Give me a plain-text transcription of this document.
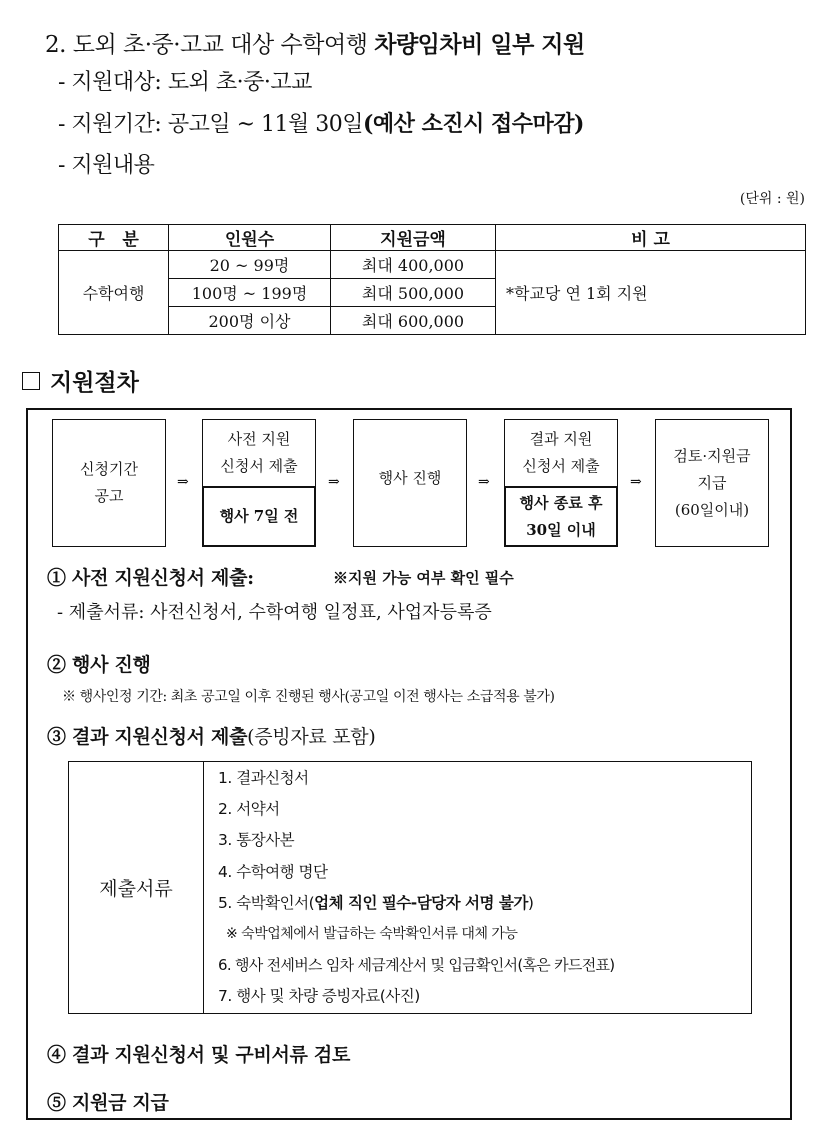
2. 도외 초·중·고교 대상 수학여행 차량임차비 일부 지원
- 지원대상: 도외 초·중·고교
- 지원기간: 공고일 ~ 11월 30일(예산 소진시 접수마감)
- 지원내용
(단위 : 원)
구   분	인원수	지원금액	비 고
수학여행	20 ~ 99명	최대 400,000	*학교당 연 1회 지원
	100명 ~ 199명	최대 500,000	
	200명 이상	최대 600,000	
지원절차
신청기간
공고
⇒
사전 지원
신청서 제출
행사 7일 전
⇒	행사 진행	⇒
결과 지원
신청서 제출
행사 종료 후
30일 이내
⇒
검토·지원금
지급
(60일이내)
① 사전 지원신청서 제출:	※지원 가능 여부 확인 필수
- 제출서류: 사전신청서, 수학여행 일정표, 사업자등록증
② 행사 진행
※ 행사인정 기간: 최초 공고일 이후 진행된 행사(공고일 이전 행사는 소급적용 불가)
③ 결과 지원신청서 제출(증빙자료 포함)
제출서류
1. 결과신청서
2. 서약서
3. 통장사본
4. 수학여행 명단
5. 숙박확인서(업체 직인 필수-담당자 서명 불가)
※ 숙박업체에서 발급하는 숙박확인서류 대체 가능
6. 행사 전세버스 임차 세금계산서 및 입금확인서(혹은 카드전표)
7. 행사 및 차량 증빙자료(사진)
④ 결과 지원신청서 및 구비서류 검토
⑤ 지원금 지급
